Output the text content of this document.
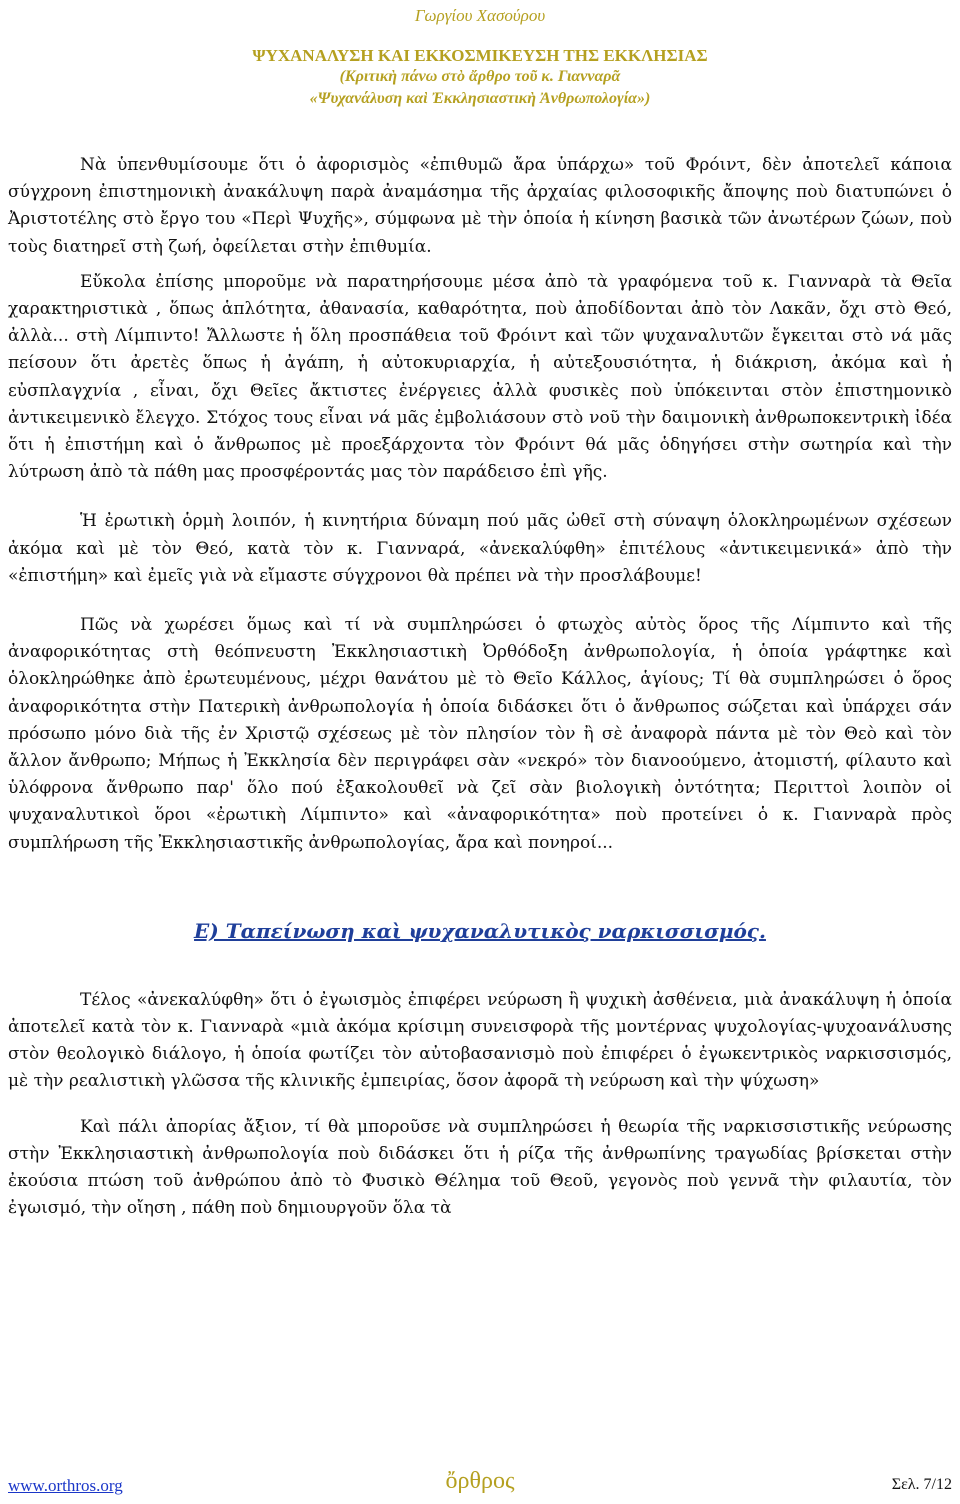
Γωργίου Χασούρου
ΨΥΧΑΝΑΛΥΣΗ ΚΑΙ ΕΚΚΟΣΜΙΚΕΥΣΗ ΤΗΣ ΕΚΚΛΗΣΙΑΣ
(Κριτικὴ πάνω στὸ ἄρθρο τοῦ κ. Γιανναρᾶ
«Ψυχανάλυση καὶ Ἐκκλησιαστικὴ Ἀνθρωπολογία»)

Νὰ ὑπενθυμίσουμε ὅτι ὁ ἀφορισμὸς «ἐπιθυμῶ ἄρα ὑπάρχω» τοῦ Φρόιντ, δὲν ἀποτελεῖ κάποια σύγχρονη ἐπιστημονικὴ ἀνακάλυψη παρὰ ἀναμάσημα τῆς ἀρχαίας φιλοσοφικῆς ἄποψης ποὺ διατυπώνει ὁ Ἀριστοτέλης στὸ ἔργο του «Περὶ Ψυχῆς», σύμφωνα μὲ τὴν ὁποία ἡ κίνηση βασικὰ τῶν ἀνωτέρων ζώων, ποὺ τοὺς διατηρεῖ στὴ ζωή, ὀφείλεται στὴν ἐπιθυμία.

Εὔκολα ἐπίσης μποροῦμε νὰ παρατηρήσουμε μέσα ἀπὸ τὰ γραφόμενα τοῦ κ. Γιανναρὰ τὰ Θεῖα χαρακτηριστικὰ , ὅπως ἁπλότητα, ἀθανασία, καθαρότητα, ποὺ ἀποδίδονται ἀπὸ τὸν Λακᾶν, ὄχι στὸ Θεό, ἀλλὰ... στὴ Λίμπιντο! Ἄλλωστε ἡ ὅλη προσπάθεια τοῦ Φρόιντ καὶ τῶν ψυχαναλυτῶν ἔγκειται στὸ νά μᾶς πείσουν ὅτι ἀρετὲς ὅπως ἡ ἀγάπη, ἡ αὐτοκυριαρχία, ἡ αὐτεξουσιότητα, ἡ διάκριση, ἀκόμα καὶ ἡ εὐσπλαγχνία , εἶναι, ὄχι Θεῖες ἄκτιστες ἐνέργειες ἀλλὰ φυσικὲς ποὺ ὑπόκεινται στὸν ἐπιστημονικὸ ἀντικειμενικὸ ἔλεγχο. Στόχος τους εἶναι νά μᾶς ἐμβολιάσουν στὸ νοῦ τὴν δαιμονικὴ ἀνθρωποκεντρικὴ ἰδέα ὅτι ἡ ἐπιστήμη καὶ ὁ ἄνθρωπος μὲ προεξάρχοντα τὸν Φρόιντ θά μᾶς ὁδηγήσει στὴν σωτηρία καὶ τὴν λύτρωση ἀπὸ τὰ πάθη μας προσφέροντάς μας τὸν παράδεισο ἐπὶ γῆς.

Ἡ ἐρωτικὴ ὁρμὴ λοιπόν, ἡ κινητήρια δύναμη πού μᾶς ὠθεῖ στὴ σύναψη ὁλοκληρωμένων σχέσεων ἀκόμα καὶ μὲ τὸν Θεό, κατὰ τὸν κ. Γιανναρά, «ἀνεκαλύφθη» ἐπιτέλους «ἀντικειμενικά» ἀπὸ τὴν «ἐπιστήμη» καὶ ἐμεῖς γιὰ νὰ εἴμαστε σύγχρονοι θὰ πρέπει νὰ τὴν προσλάβουμε!

Πῶς νὰ χωρέσει ὅμως καὶ τί νὰ συμπληρώσει ὁ φτωχὸς αὐτὸς ὅρος τῆς Λίμπιντο καὶ τῆς ἀναφορικότητας στὴ θεόπνευστη Ἐκκλησιαστικὴ Ὀρθόδοξη ἀνθρωπολογία, ἡ ὁποία γράφτηκε καὶ ὁλοκληρώθηκε ἀπὸ ἐρωτευμένους, μέχρι θανάτου μὲ τὸ Θεῖο Κάλλος, ἁγίους; Τί θὰ συμπληρώσει ὁ ὅρος ἀναφορικότητα στὴν Πατερικὴ ἀνθρωπολογία ἡ ὁποία διδάσκει ὅτι ὁ ἄνθρωπος σώζεται καὶ ὑπάρχει σάν πρόσωπο μόνο διὰ τῆς ἐν Χριστῷ σχέσεως μὲ τὸν πλησίον τὸν ἢ σὲ ἀναφορὰ πάντα μὲ τὸν Θεὸ καὶ τὸν ἄλλον ἄνθρωπο; Μήπως ἡ Ἐκκλησία δὲν περιγράφει σὰν «νεκρό» τὸν διανοούμενο, ἀτομιστή, φίλαυτο καὶ ὑλόφρονα ἄνθρωπο παρ' ὅλο πού ἐξακολουθεῖ νὰ ζεῖ σὰν βιολογικὴ ὀντότητα; Περιττοὶ λοιπὸν οἱ ψυχαναλυτικοὶ ὅροι «ἐρωτικὴ Λίμπιντο» καὶ «ἀναφορικότητα» ποὺ προτείνει ὁ κ. Γιανναρὰ πρὸς συμπλήρωση τῆς Ἐκκλησιαστικῆς ἀνθρωπολογίας, ἄρα καὶ πονηροί...

Ε) Ταπείνωση καὶ ψυχαναλυτικὸς ναρκισσισμός.

Τέλος «ἀνεκαλύφθη» ὅτι ὁ ἐγωισμὸς ἐπιφέρει νεύρωση ἢ ψυχικὴ ἀσθένεια, μιὰ ἀνακάλυψη ἡ ὁποία ἀποτελεῖ κατὰ τὸν κ. Γιανναρὰ «μιὰ ἀκόμα κρίσιμη συνεισφορὰ τῆς μοντέρνας ψυχολογίας-ψυχοανάλυσης στὸν θεολογικὸ διάλογο, ἡ ὁποία φωτίζει τὸν αὐτοβασανισμὸ ποὺ ἐπιφέρει ὁ ἐγωκεντρικὸς ναρκισσισμός, μὲ τὴν ρεαλιστικὴ γλῶσσα τῆς κλινικῆς ἐμπειρίας, ὅσον ἀφορᾶ τὴ νεύρωση καὶ τὴν ψύχωση»

Καὶ πάλι ἀπορίας ἄξιον, τί θὰ μποροῦσε νὰ συμπληρώσει ἡ θεωρία τῆς ναρκισσιστικῆς νεύρωσης στὴν Ἐκκλησιαστικὴ ἀνθρωπολογία ποὺ διδάσκει ὅτι ἡ ρίζα τῆς ἀνθρωπίνης τραγωδίας βρίσκεται στὴν ἐκούσια πτώση τοῦ ἀνθρώπου ἀπὸ τὸ Φυσικὸ Θέλημα τοῦ Θεοῦ, γεγονὸς ποὺ γεννᾶ τὴν φιλαυτία, τὸν ἐγωισμό, τὴν οἴηση , πάθη ποὺ δημιουργοῦν ὅλα τὰ

www.orthros.org	ὄρθρος	Σελ. 7/12
